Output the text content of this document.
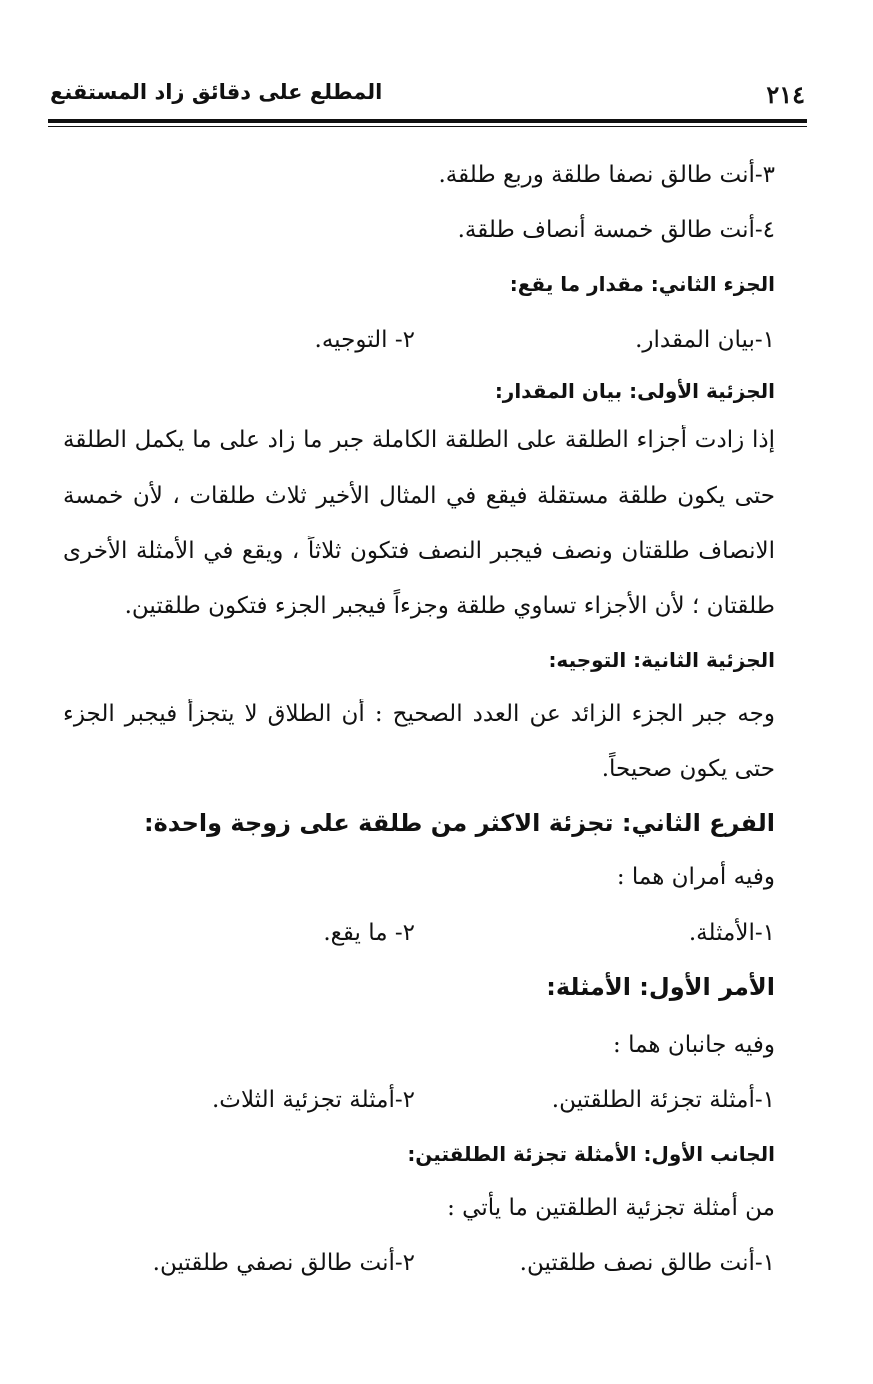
٢١٤
المطلع على دقائق زاد المستقنع
٣-أنت طالق نصفا طلقة وربع طلقة.
٤-أنت طالق خمسة أنصاف طلقة.
الجزء الثاني: مقدار ما يقع:
١-بيان المقدار.
٢- التوجيه.
الجزئية الأولى: بيان المقدار:
إذا زادت أجزاء الطلقة على الطلقة الكاملة جبر ما زاد على ما يكمل الطلقة
حتى يكون طلقة مستقلة فيقع في المثال الأخير ثلاث طلقات ، لأن خمسة
الانصاف طلقتان ونصف فيجبر النصف فتكون ثلاثاً ، ويقع في الأمثلة الأخرى
طلقتان ؛ لأن الأجزاء تساوي طلقة وجزءاً فيجبر الجزء فتكون طلقتين.
الجزئية الثانية: التوجيه:
وجه جبر الجزء الزائد عن العدد الصحيح : أن الطلاق لا يتجزأ فيجبر الجزء
حتى يكون صحيحاً.
الفرع الثاني: تجزئة الاكثر من طلقة على زوجة واحدة:
وفيه أمران هما :
١-الأمثلة.
٢- ما يقع.
الأمر الأول: الأمثلة:
وفيه جانبان هما :
١-أمثلة تجزئة الطلقتين.
٢-أمثلة تجزئية الثلاث.
الجانب الأول: الأمثلة تجزئة الطلقتين:
من أمثلة تجزئية الطلقتين ما يأتي :
١-أنت طالق نصف طلقتين.
٢-أنت طالق نصفي طلقتين.
